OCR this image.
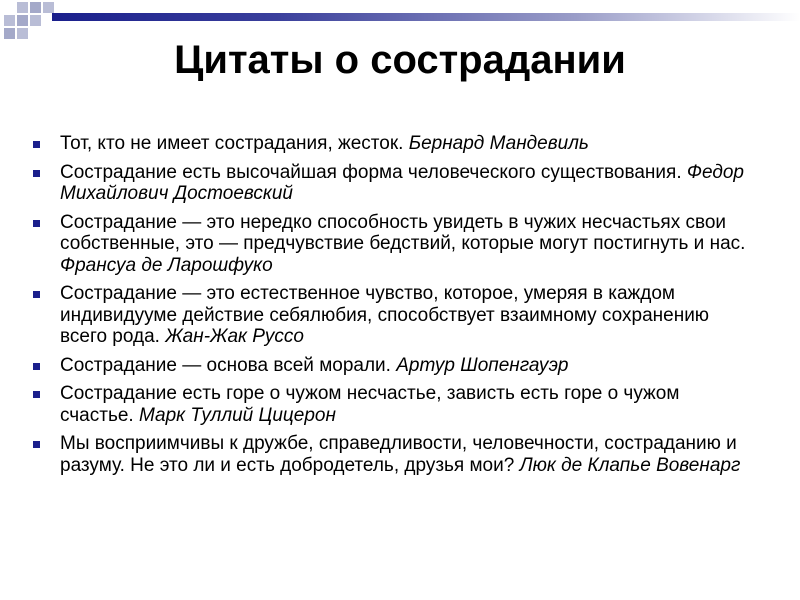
Цитаты о сострадании
Тот, кто не имеет сострадания, жесток. Бернард Мандевиль
Сострадание есть высочайшая форма человеческого существования. Федор Михайлович Достоевский
Сострадание — это нередко способность увидеть в чужих несчастьях свои собственные, это — предчувствие бедствий, которые могут постигнуть и нас. Франсуа де Ларошфуко
Сострадание — это естественное чувство, которое, умеряя в каждом индивидууме действие себялюбия, способствует взаимному сохранению всего рода. Жан-Жак Руссо
Сострадание — основа всей морали. Артур Шопенгауэр
Сострадание есть горе о чужом несчастье, зависть есть горе о чужом счастье. Марк Туллий Цицерон
Мы восприимчивы к дружбе, справедливости, человечности, состраданию и разуму. Не это ли и есть добродетель, друзья мои? Люк де Клапье Вовенарг
